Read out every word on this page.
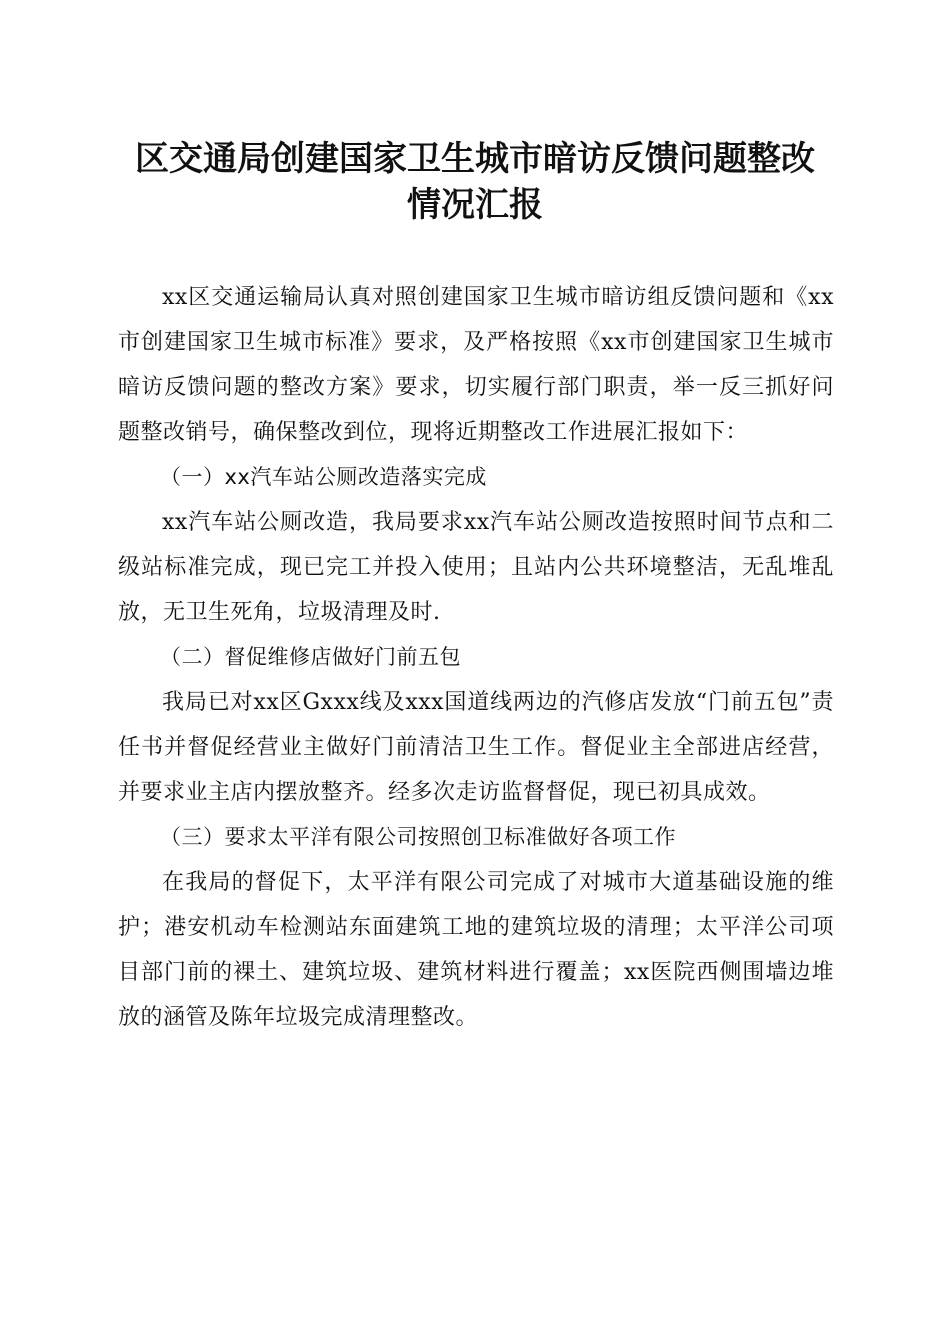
区交通局创建国家卫生城市暗访反馈问题整改
情况汇报

xx区交通运输局认真对照创建国家卫生城市暗访组反馈问题和《xx市创建国家卫生城市标准》要求，及严格按照《xx市创建国家卫生城市暗访反馈问题的整改方案》要求，切实履行部门职责，举一反三抓好问题整改销号，确保整改到位，现将近期整改工作进展汇报如下：

（一）xx汽车站公厕改造落实完成

xx汽车站公厕改造，我局要求xx汽车站公厕改造按照时间节点和二级站标准完成，现已完工并投入使用；且站内公共环境整洁，无乱堆乱放，无卫生死角，垃圾清理及时.

（二）督促维修店做好门前五包

我局已对xx区Gxxx线及xxx国道线两边的汽修店发放“门前五包”责任书并督促经营业主做好门前清洁卫生工作。督促业主全部进店经营，并要求业主店内摆放整齐。经多次走访监督督促，现已初具成效。

（三）要求太平洋有限公司按照创卫标准做好各项工作

在我局的督促下，太平洋有限公司完成了对城市大道基础设施的维护；港安机动车检测站东面建筑工地的建筑垃圾的清理；太平洋公司项目部门前的裸土、建筑垃圾、建筑材料进行覆盖；xx医院西侧围墙边堆放的涵管及陈年垃圾完成清理整改。
